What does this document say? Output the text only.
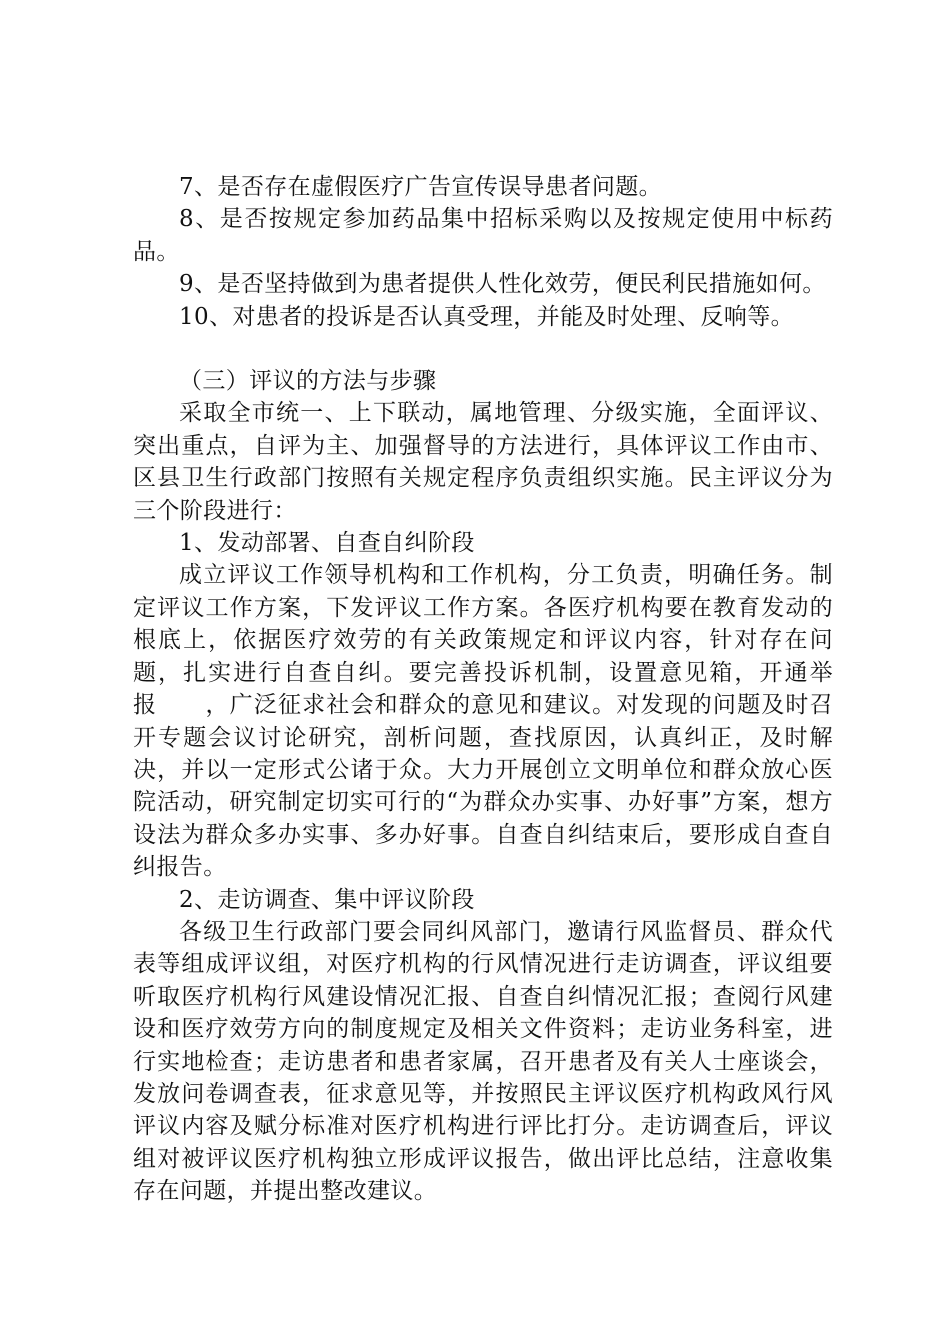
7、是否存在虚假医疗广告宣传误导患者问题。

8、是否按规定参加药品集中招标采购以及按规定使用中标药品。

9、是否坚持做到为患者提供人性化效劳，便民利民措施如何。

10、对患者的投诉是否认真受理，并能及时处理、反响等。

（三）评议的方法与步骤

采取全市统一、上下联动，属地管理、分级实施，全面评议、突出重点，自评为主、加强督导的方法进行，具体评议工作由市、区县卫生行政部门按照有关规定程序负责组织实施。民主评议分为三个阶段进行：

1、发动部署、自查自纠阶段

成立评议工作领导机构和工作机构，分工负责，明确任务。制定评议工作方案，下发评议工作方案。各医疗机构要在教育发动的根底上，依据医疗效劳的有关政策规定和评议内容，针对存在问题，扎实进行自查自纠。要完善投诉机制，设置意见箱，开通举报　　，广泛征求社会和群众的意见和建议。对发现的问题及时召开专题会议讨论研究，剖析问题，查找原因，认真纠正，及时解决，并以一定形式公诸于众。大力开展创立文明单位和群众放心医院活动，研究制定切实可行的“为群众办实事、办好事”方案，想方设法为群众多办实事、多办好事。自查自纠结束后，要形成自查自纠报告。

2、走访调查、集中评议阶段

各级卫生行政部门要会同纠风部门，邀请行风监督员、群众代表等组成评议组，对医疗机构的行风情况进行走访调查，评议组要听取医疗机构行风建设情况汇报、自查自纠情况汇报；查阅行风建设和医疗效劳方向的制度规定及相关文件资料；走访业务科室，进行实地检查；走访患者和患者家属，召开患者及有关人士座谈会，发放问卷调查表，征求意见等，并按照民主评议医疗机构政风行风评议内容及赋分标准对医疗机构进行评比打分。走访调查后，评议组对被评议医疗机构独立形成评议报告，做出评比总结，注意收集存在问题，并提出整改建议。
